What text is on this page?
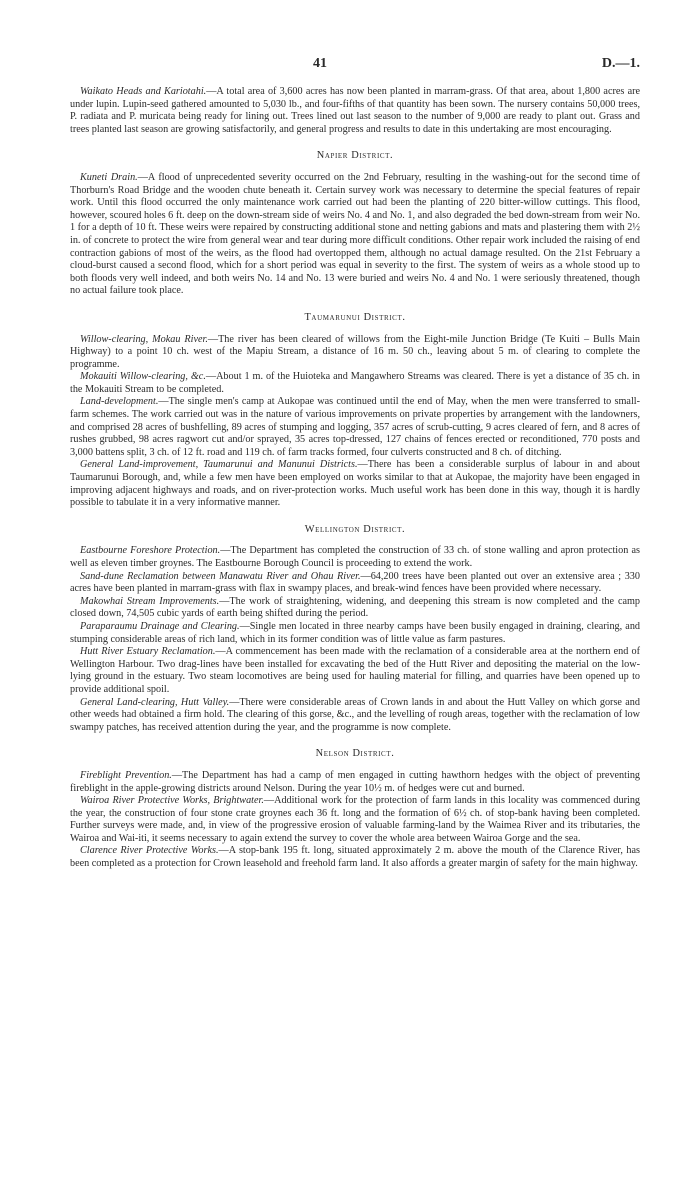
41	D.—1.

Waikato Heads and Kariotahi.—A total area of 3,600 acres has now been planted in marram-grass. Of that area, about 1,800 acres are under lupin. Lupin-seed gathered amounted to 5,030 lb., and four-fifths of that quantity has been sown. The nursery contains 50,000 trees, P. radiata and P. muricata being ready for lining out. Trees lined out last season to the number of 9,000 are ready to plant out. Grass and trees planted last season are growing satisfactorily, and general progress and results to date in this undertaking are most encouraging.

Napier District.

Kuneti Drain.—A flood of unprecedented severity occurred on the 2nd February, resulting in the washing-out for the second time of Thorburn's Road Bridge and the wooden chute beneath it. Certain survey work was necessary to determine the special features of repair work. Until this flood occurred the only maintenance work carried out had been the planting of 220 bitter-willow cuttings. This flood, however, scoured holes 6 ft. deep on the down-stream side of weirs No. 4 and No. 1, and also degraded the bed down-stream from weir No. 1 for a depth of 10 ft. These weirs were repaired by constructing additional stone and netting gabions and mats and plastering them with 2½ in. of concrete to protect the wire from general wear and tear during more difficult conditions. Other repair work included the raising of end contraction gabions of most of the weirs, as the flood had overtopped them, although no actual damage resulted. On the 21st February a cloud-burst caused a second flood, which for a short period was equal in severity to the first. The system of weirs as a whole stood up to both floods very well indeed, and both weirs No. 14 and No. 13 were buried and weirs No. 4 and No. 1 were seriously threatened, though no actual failure took place.

Taumarunui District.

Willow-clearing, Mokau River.—The river has been cleared of willows from the Eight-mile Junction Bridge (Te Kuiti – Bulls Main Highway) to a point 10 ch. west of the Mapiu Stream, a distance of 16 m. 50 ch., leaving about 5 m. of clearing to complete the programme.

Mokauiti Willow-clearing, &c.—About 1 m. of the Huioteka and Mangawhero Streams was cleared. There is yet a distance of 35 ch. in the Mokauiti Stream to be completed.

Land-development.—The single men's camp at Aukopae was continued until the end of May, when the men were transferred to small-farm schemes. The work carried out was in the nature of various improvements on private properties by arrangement with the landowners, and comprised 28 acres of bushfelling, 89 acres of stumping and logging, 357 acres of scrub-cutting, 9 acres cleared of fern, and 8 acres of rushes grubbed, 98 acres ragwort cut and/or sprayed, 35 acres top-dressed, 127 chains of fences erected or reconditioned, 770 posts and 3,000 battens split, 3 ch. of 12 ft. road and 119 ch. of farm tracks formed, four culverts constructed and 8 ch. of ditching.

General Land-improvement, Taumarunui and Manunui Districts.—There has been a considerable surplus of labour in and about Taumarunui Borough, and, while a few men have been employed on works similar to that at Aukopae, the majority have been engaged in improving adjacent highways and roads, and on river-protection works. Much useful work has been done in this way, though it is hardly possible to tabulate it in a very informative manner.

Wellington District.

Eastbourne Foreshore Protection.—The Department has completed the construction of 33 ch. of stone walling and apron protection as well as eleven timber groynes. The Eastbourne Borough Council is proceeding to extend the work.

Sand-dune Reclamation between Manawatu River and Ohau River.—64,200 trees have been planted out over an extensive area ; 330 acres have been planted in marram-grass with flax in swampy places, and break-wind fences have been provided where necessary.

Makowhai Stream Improvements.—The work of straightening, widening, and deepening this stream is now completed and the camp closed down, 74,505 cubic yards of earth being shifted during the period.

Paraparaumu Drainage and Clearing.—Single men located in three nearby camps have been busily engaged in draining, clearing, and stumping considerable areas of rich land, which in its former condition was of little value as farm pastures.

Hutt River Estuary Reclamation.—A commencement has been made with the reclamation of a considerable area at the northern end of Wellington Harbour. Two drag-lines have been installed for excavating the bed of the Hutt River and depositing the material on the low-lying ground in the estuary. Two steam locomotives are being used for hauling material for filling, and quarries have been opened up to provide additional spoil.

General Land-clearing, Hutt Valley.—There were considerable areas of Crown lands in and about the Hutt Valley on which gorse and other weeds had obtained a firm hold. The clearing of this gorse, &c., and the levelling of rough areas, together with the reclamation of low swampy patches, has received attention during the year, and the programme is now complete.

Nelson District.

Fireblight Prevention.—The Department has had a camp of men engaged in cutting hawthorn hedges with the object of preventing fireblight in the apple-growing districts around Nelson. During the year 10½ m. of hedges were cut and burned.

Wairoa River Protective Works, Brightwater.—Additional work for the protection of farm lands in this locality was commenced during the year, the construction of four stone crate groynes each 36 ft. long and the formation of 6½ ch. of stop-bank having been completed. Further surveys were made, and, in view of the progressive erosion of valuable farming-land by the Waimea River and its tributaries, the Wairoa and Wai-iti, it seems necessary to again extend the survey to cover the whole area between Wairoa Gorge and the sea.

Clarence River Protective Works.—A stop-bank 195 ft. long, situated approximately 2 m. above the mouth of the Clarence River, has been completed as a protection for Crown leasehold and freehold farm land. It also affords a greater margin of safety for the main highway.
